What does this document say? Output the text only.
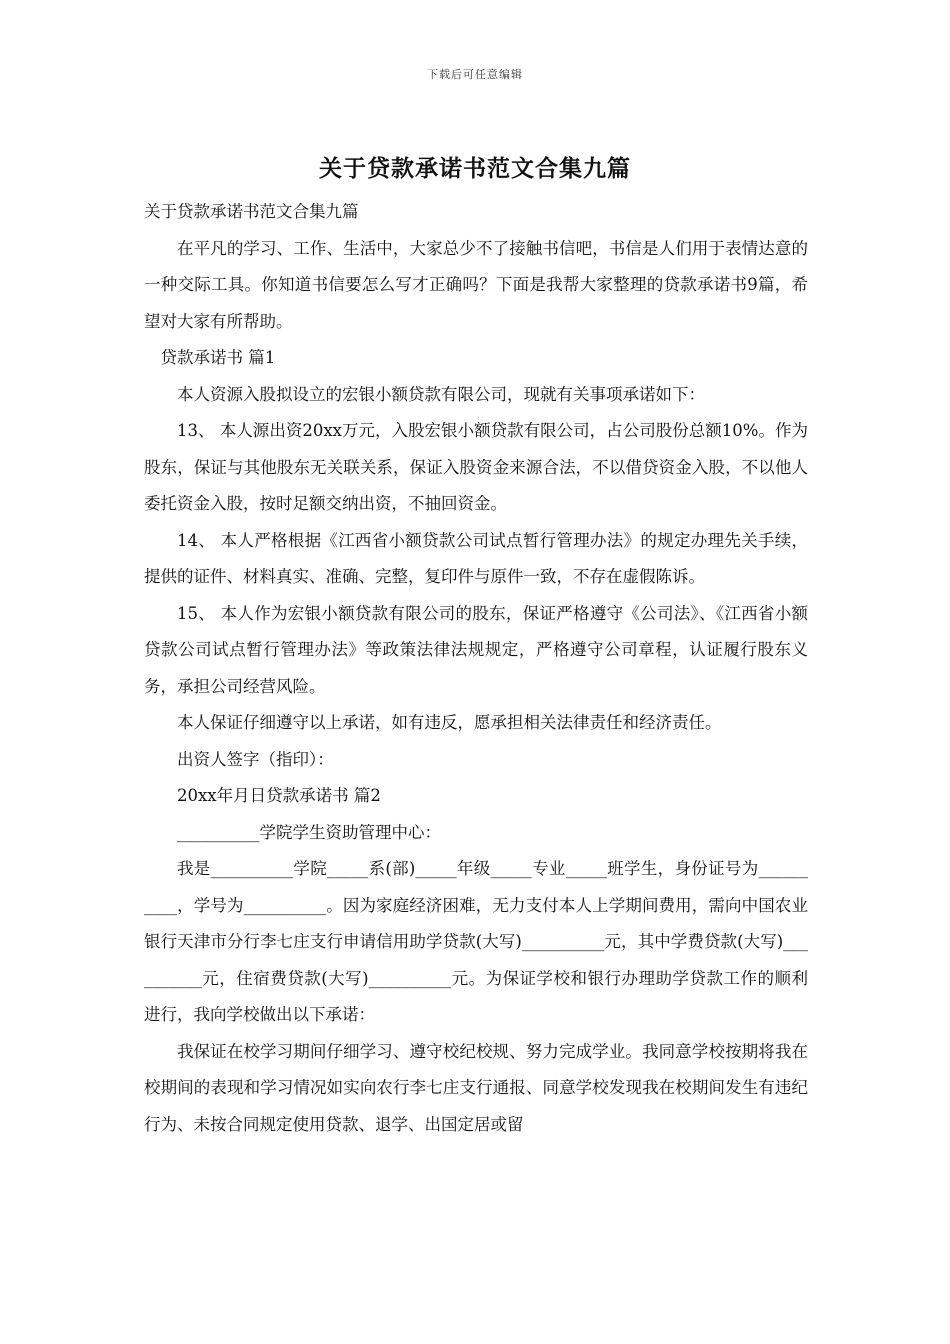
下载后可任意编辑
关于贷款承诺书范文合集九篇

关于贷款承诺书范文合集九篇

在平凡的学习、工作、生活中，大家总少不了接触书信吧，书信是人们用于表情达意的一种交际工具。你知道书信要怎么写才正确吗？下面是我帮大家整理的贷款承诺书9篇，希望对大家有所帮助。

贷款承诺书 篇1

本人资源入股拟设立的宏银小额贷款有限公司，现就有关事项承诺如下：

13、 本人源出资20xx万元，入股宏银小额贷款有限公司，占公司股份总额10%。作为股东，保证与其他股东无关联关系，保证入股资金来源合法，不以借贷资金入股，不以他人委托资金入股，按时足额交纳出资，不抽回资金。

14、 本人严格根据《江西省小额贷款公司试点暂行管理办法》的规定办理先关手续，提供的证件、材料真实、准确、完整，复印件与原件一致，不存在虚假陈诉。

15、 本人作为宏银小额贷款有限公司的股东，保证严格遵守《公司法》、《江西省小额贷款公司试点暂行管理办法》等政策法律法规规定，严格遵守公司章程，认证履行股东义务，承担公司经营风险。

本人保证仔细遵守以上承诺，如有违反，愿承担相关法律责任和经济责任。

出资人签字（指印）：

20xx年月日贷款承诺书 篇2

__________学院学生资助管理中心：

我是__________学院_____系(部)_____年级_____专业_____班学生，身份证号为__________，学号为__________。因为家庭经济困难，无力支付本人上学期间费用，需向中国农业银行天津市分行李七庄支行申请信用助学贷款(大写)__________元，其中学费贷款(大写)__________元，住宿费贷款(大写)__________元。为保证学校和银行办理助学贷款工作的顺利进行，我向学校做出以下承诺：

我保证在校学习期间仔细学习、遵守校纪校规、努力完成学业。我同意学校按期将我在校期间的表现和学习情况如实向农行李七庄支行通报、同意学校发现我在校期间发生有违纪行为、未按合同规定使用贷款、退学、出国定居或留
